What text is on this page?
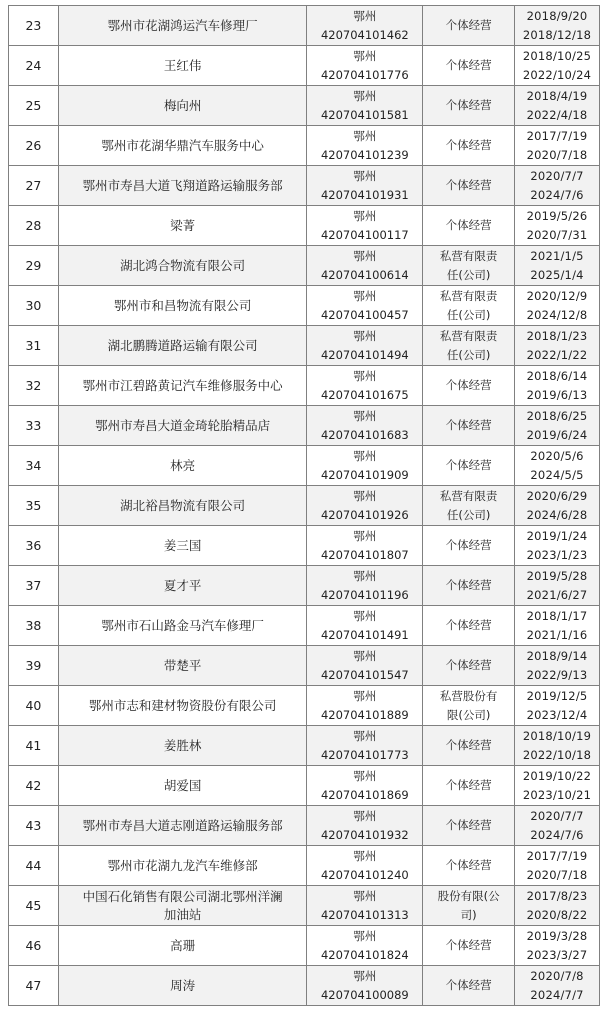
23	鄂州市花湖鸿运汽车修理厂	鄂州
420704101462	个体经营	2018/9/20
2018/12/18

24	王红伟	鄂州
420704101776	个体经营	2018/10/25
2022/10/24

25	梅向州	鄂州
420704101581	个体经营	2018/4/19
2022/4/18

26	鄂州市花湖华鼎汽车服务中心	鄂州
420704101239	个体经营	2017/7/19
2020/7/18

27	鄂州市寿昌大道飞翔道路运输服务部	鄂州
420704101931	个体经营	2020/7/7
2024/7/6

28	梁菁	鄂州
420704100117	个体经营	2019/5/26
2020/7/31

29	湖北鸿合物流有限公司	鄂州
420704100614	私营有限责
任(公司)	2021/1/5
2025/1/4

30	鄂州市和昌物流有限公司	鄂州
420704100457	私营有限责
任(公司)	2020/12/9
2024/12/8

31	湖北鹏腾道路运输有限公司	鄂州
420704101494	私营有限责
任(公司)	2018/1/23
2022/1/22

32	鄂州市江碧路黄记汽车维修服务中心	鄂州
420704101675	个体经营	2018/6/14
2019/6/13

33	鄂州市寿昌大道金琦轮胎精品店	鄂州
420704101683	个体经营	2018/6/25
2019/6/24

34	林亮	鄂州
420704101909	个体经营	2020/5/6
2024/5/5

35	湖北裕昌物流有限公司	鄂州
420704101926	私营有限责
任(公司)	2020/6/29
2024/6/28

36	姜三国	鄂州
420704101807	个体经营	2019/1/24
2023/1/23

37	夏才平	鄂州
420704101196	个体经营	2019/5/28
2021/6/27

38	鄂州市石山路金马汽车修理厂	鄂州
420704101491	个体经营	2018/1/17
2021/1/16

39	带楚平	鄂州
420704101547	个体经营	2018/9/14
2022/9/13

40	鄂州市志和建材物资股份有限公司	鄂州
420704101889	私营股份有
限(公司)	2019/12/5
2023/12/4

41	姜胜林	鄂州
420704101773	个体经营	2018/10/19
2022/10/18

42	胡爱国	鄂州
420704101869	个体经营	2019/10/22
2023/10/21

43	鄂州市寿昌大道志刚道路运输服务部	鄂州
420704101932	个体经营	2020/7/7
2024/7/6

44	鄂州市花湖九龙汽车维修部	鄂州
420704101240	个体经营	2017/7/19
2020/7/18

45	中国石化销售有限公司湖北鄂州洋澜
加油站	鄂州
420704101313	股份有限(公
司)	2017/8/23
2020/8/22

46	高珊	鄂州
420704101824	个体经营	2019/3/28
2023/3/27

47	周涛	鄂州
420704100089	个体经营	2020/7/8
2024/7/7
